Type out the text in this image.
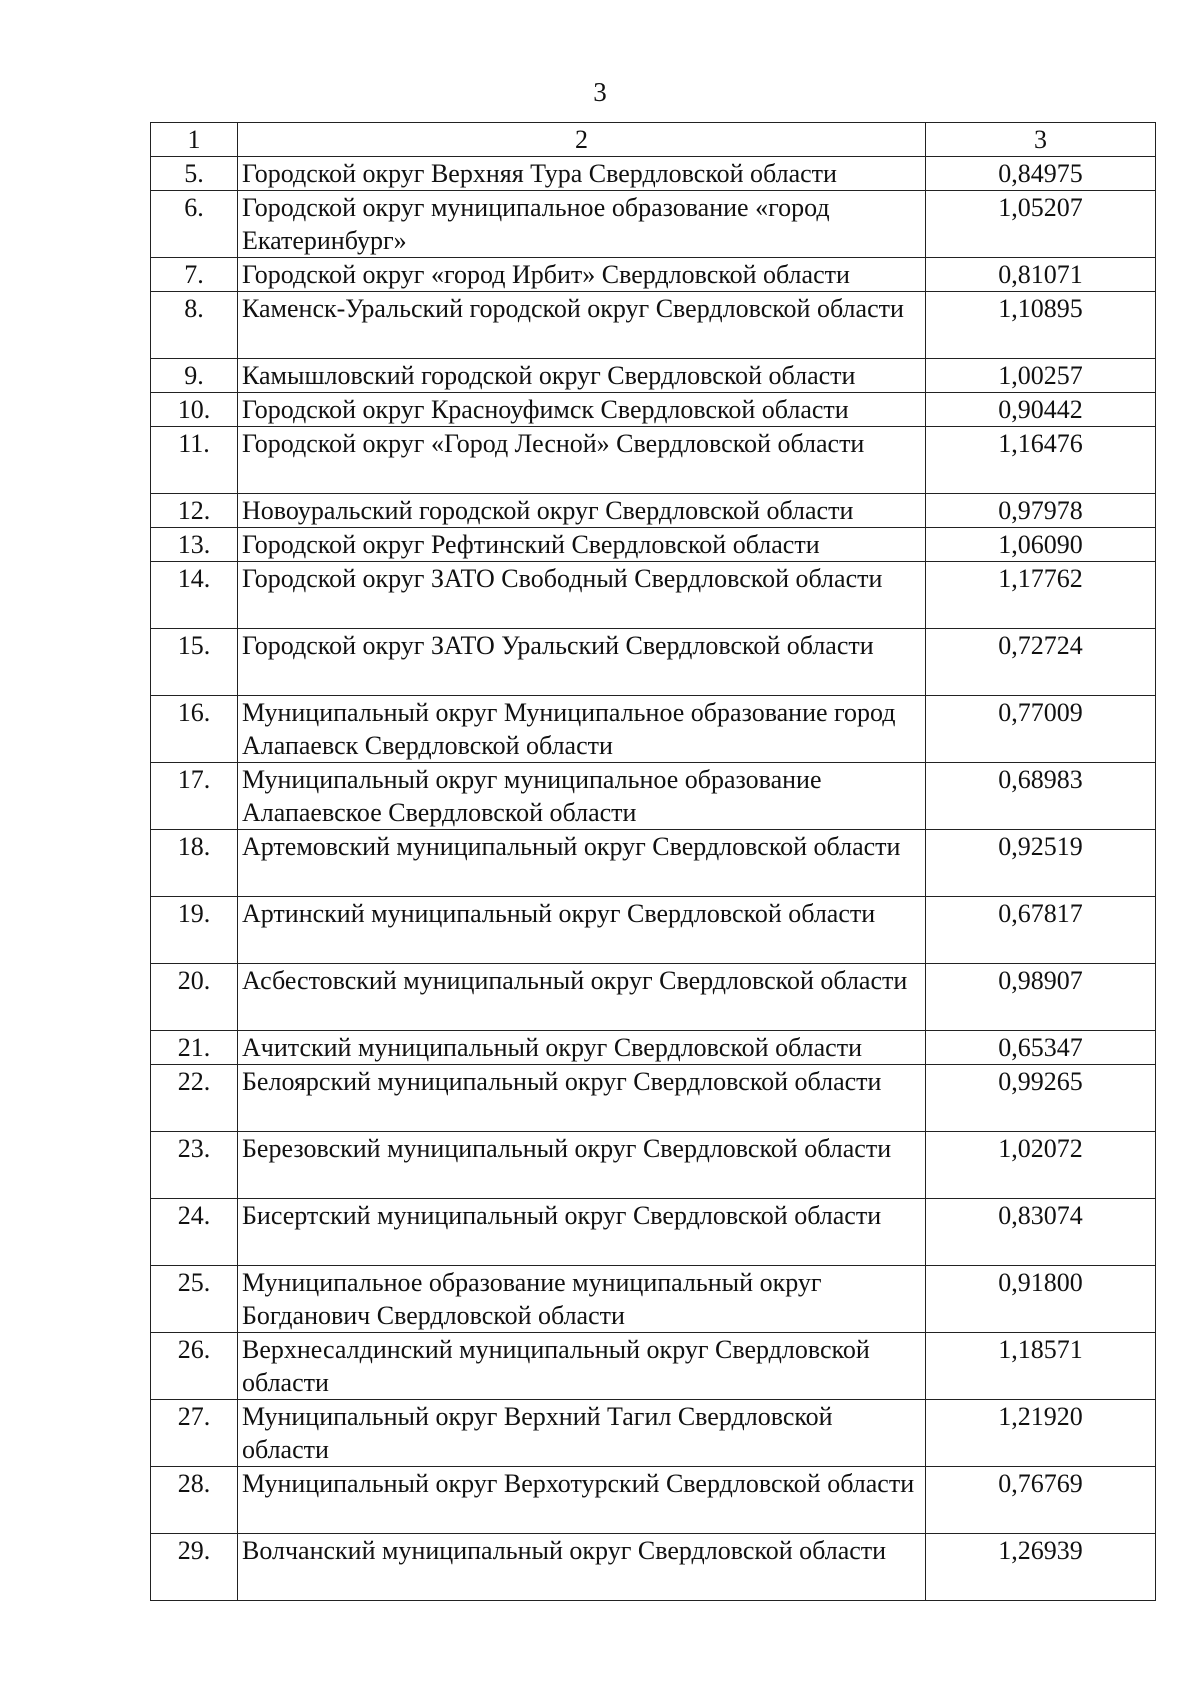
3
1	2	3
5.	Городской округ Верхняя Тура Свердловской области	0,84975
6.	Городской округ муниципальное образование «город Екатеринбург»	1,05207
7.	Городской округ «город Ирбит» Свердловской области	0,81071
8.	Каменск-Уральский городской округ Свердловской области	1,10895
9.	Камышловский городской округ Свердловской области	1,00257
10.	Городской округ Красноуфимск Свердловской области	0,90442
11.	Городской округ «Город Лесной» Свердловской области	1,16476
12.	Новоуральский городской округ Свердловской области	0,97978
13.	Городской округ Рефтинский Свердловской области	1,06090
14.	Городской округ ЗАТО Свободный Свердловской области	1,17762
15.	Городской округ ЗАТО Уральский Свердловской области	0,72724
16.	Муниципальный округ Муниципальное образование город Алапаевск Свердловской области	0,77009
17.	Муниципальный округ муниципальное образование Алапаевское Свердловской области	0,68983
18.	Артемовский муниципальный округ Свердловской области	0,92519
19.	Артинский муниципальный округ Свердловской области	0,67817
20.	Асбестовский муниципальный округ Свердловской области	0,98907
21.	Ачитский муниципальный округ Свердловской области	0,65347
22.	Белоярский муниципальный округ Свердловской области	0,99265
23.	Березовский муниципальный округ Свердловской области	1,02072
24.	Бисертский муниципальный округ Свердловской области	0,83074
25.	Муниципальное образование муниципальный округ Богданович Свердловской области	0,91800
26.	Верхнесалдинский муниципальный округ Свердловской области	1,18571
27.	Муниципальный округ Верхний Тагил Свердловской области	1,21920
28.	Муниципальный округ Верхотурский Свердловской области	0,76769
29.	Волчанский муниципальный округ Свердловской области	1,26939
